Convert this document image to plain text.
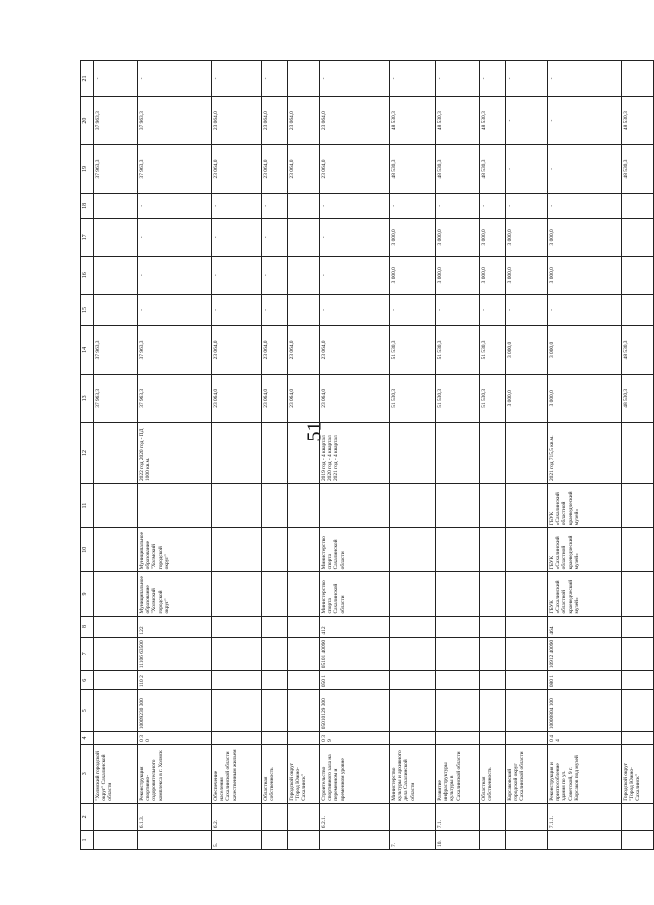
51
1	2	3	4	5	6	7	8	9	10	11	12	13	14	15	16	17	18	19	20	21
		"Холмский городской округ" Сахалинской области										37 963,3	37 963,3					37 963,3	37 963,3	-
	6.1.3.	Реконструкция спортивно-оздоровительного комплекса в г. Холмск	0 3 0	10009230 300	110 2	11106 63500	122	Муниципальное образование "Холмский городской округ"	Муниципальное образование "Холмский городской округ"		2022 год 2020 год - ПД 1000 кв.м.	37 963,3	37 963,3	-	-	-	-	37 963,3	37 963,3	-
5.	6.2.	Обеспечение населения Сахалинской области качественным жильем										23 064,0	23 064,0	-	-	-	-	23 064,0	23 064,0	-
		Областная собственность										23 064,0	23 064,0	-	-	-	-	23 064,0	23 064,0	-
		Городской округ "Город Южно-Сахалинск"										23 064,0	23 064,0					23 064,0	23 064,0	
	6.2.1.	Строительство спортивного зала на переменном и временном уровне	0 3 9	05010129 300	050 1	05101 40090	412	Министерство спорта Сахалинской области	Министерство спорта Сахалинской области		2019 год - 4 квартал 2020 год - 4 квартал 2021 год - 4 квартал	23 064,0	23 064,0	-	-	-	-	23 064,0	23 064,0	-
7.		Министерство культуры и архивного дела Сахалинской области										51 530,3	51 530,3	-	3 000,0	3 000,0	-	48 530,3	48 530,3	-
10.	7.1.	Развитие инфраструктуры культуры в Сахалинской области										51 530,3	51 530,3	-	3 000,0	3 000,0	-	48 530,3	48 530,3	-
		Областная собственность										51 530,3	51 530,3	-	3 000,0	3 000,0	-	48 530,3	48 530,3	-
		Корсаковский городской округ Сахалинской области										3 000,0	3 000,0	-	3 000,0	3 000,0	-	-	-	-
	7.1.1.	Реконструкция и приспособление здания по ул. Советской, 9 г. Корсаков под музей	0 4 4	10000804 100	080 1	10912 40090	464	ГБУК «Сахалинский областной краеведческий музей»	ГБУК «Сахалинский областной краеведческий музей»	ГБУК «Сахалинский областной краеведческий музей»	2021 год 715,5 кв.м.	3 000,0	3 000,0	-	3 000,0	3 000,0	-	-	-	-
		Городской округ "Город Южно-Сахалинск"										48 530,3	48 530,3					48 530,3	48 530,3	
